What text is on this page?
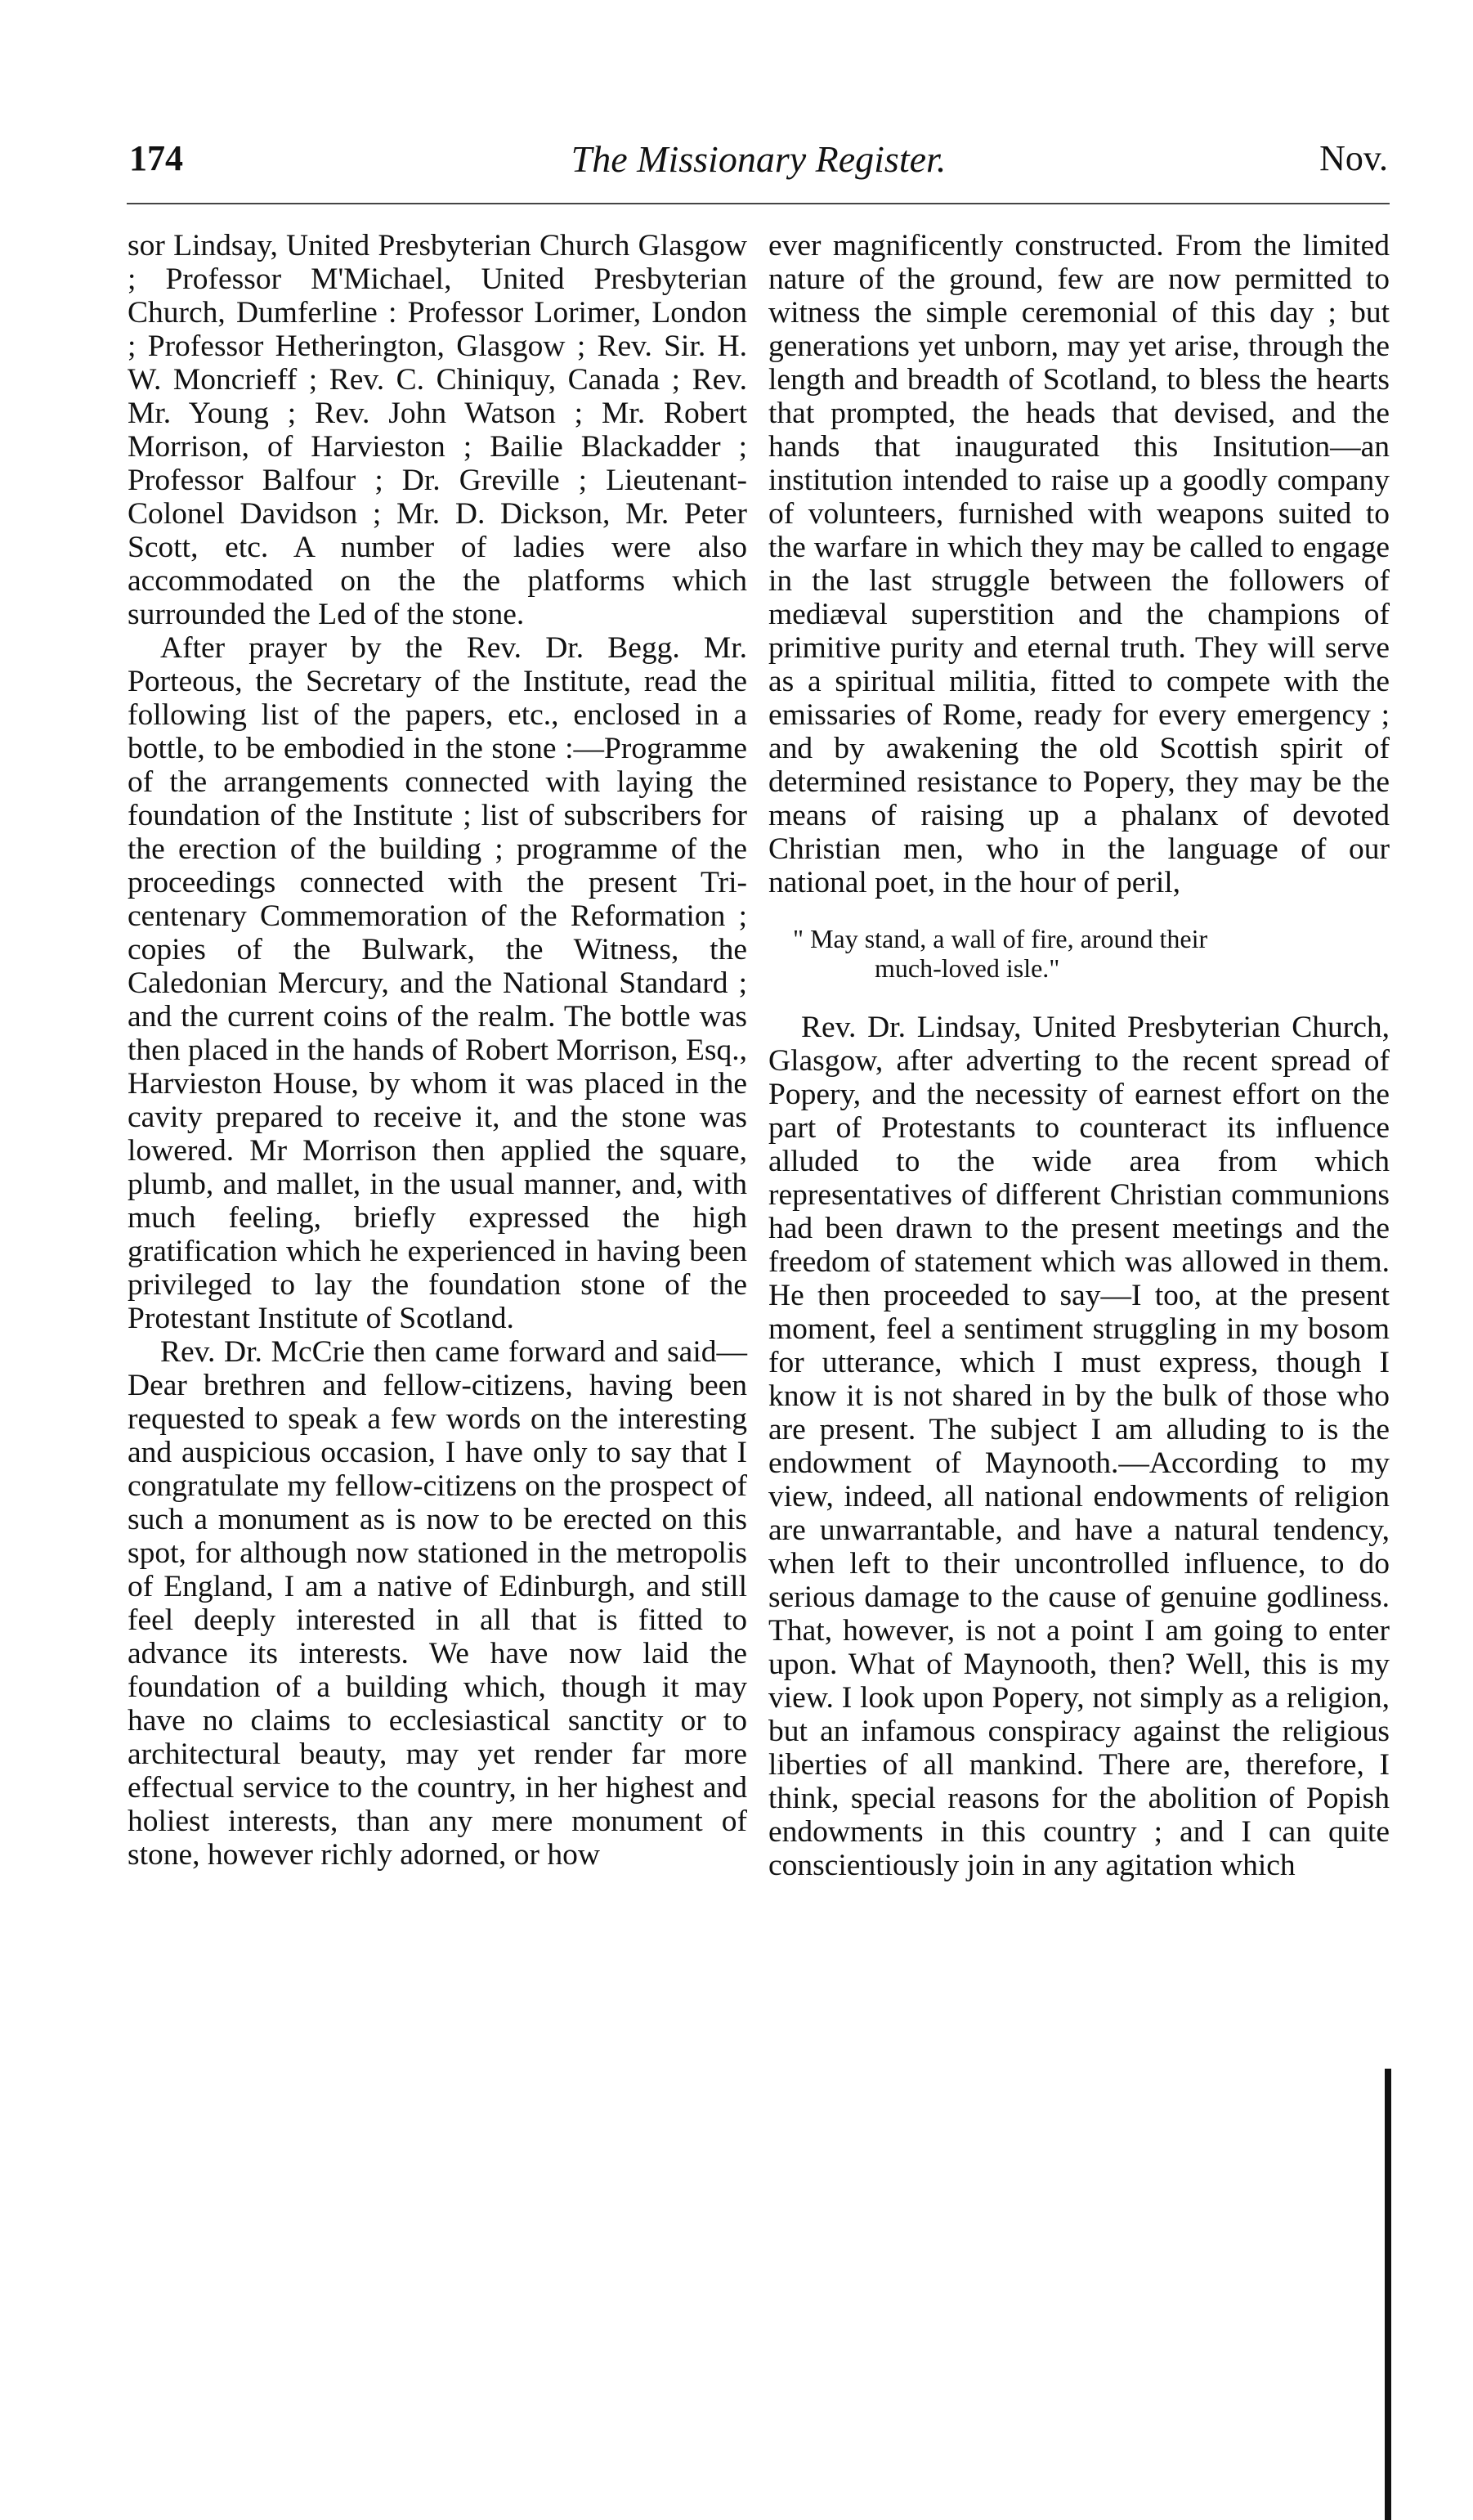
174	The Missionary Register.	Nov.

sor Lindsay, United Presbyterian Church Glasgow ; Professor M'Michael, United Presbyterian Church, Dumferline : Professor Lorimer, London ; Professor Hetherington, Glasgow ; Rev. Sir. H. W. Moncrieff ; Rev. C. Chiniquy, Canada ; Rev. Mr. Young ; Rev. John Watson ; Mr. Robert Morrison, of Harvieston ; Bailie Blackadder ; Professor Balfour ; Dr. Greville ; Lieutenant-Colonel Davidson ; Mr. D. Dickson, Mr. Peter Scott, etc. A number of ladies were also accommodated on the the platforms which surrounded the Led of the stone.

After prayer by the Rev. Dr. Begg. Mr. Porteous, the Secretary of the Institute, read the following list of the papers, etc., enclosed in a bottle, to be embodied in the stone :—Programme of the arrangements connected with laying the foundation of the Institute ; list of subscribers for the erection of the building ; programme of the proceedings connected with the present Tri-centenary Commemoration of the Reformation ; copies of the Bulwark, the Witness, the Caledonian Mercury, and the National Standard ; and the current coins of the realm. The bottle was then placed in the hands of Robert Morrison, Esq., Harvieston House, by whom it was placed in the cavity prepared to receive it, and the stone was lowered. Mr Morrison then applied the square, plumb, and mallet, in the usual manner, and, with much feeling, briefly expressed the high gratification which he experienced in having been privileged to lay the foundation stone of the Protestant Institute of Scotland.

Rev. Dr. McCrie then came forward and said—Dear brethren and fellow-citizens, having been requested to speak a few words on the interesting and auspicious occasion, I have only to say that I congratulate my fellow-citizens on the prospect of such a monument as is now to be erected on this spot, for although now stationed in the metropolis of England, I am a native of Edinburgh, and still feel deeply interested in all that is fitted to advance its interests. We have now laid the foundation of a building which, though it may have no claims to ecclesiastical sanctity or to architectural beauty, may yet render far more effectual service to the country, in her highest and holiest interests, than any mere monument of stone, however richly adorned, or how

ever magnificently constructed. From the limited nature of the ground, few are now permitted to witness the simple ceremonial of this day ; but generations yet unborn, may yet arise, through the length and breadth of Scotland, to bless the hearts that prompted, the heads that devised, and the hands that inaugurated this Insitution—an institution intended to raise up a goodly company of volunteers, furnished with weapons suited to the warfare in which they may be called to engage in the last struggle between the followers of mediæval superstition and the champions of primitive purity and eternal truth. They will serve as a spiritual militia, fitted to compete with the emissaries of Rome, ready for every emergency ; and by awakening the old Scottish spirit of determined resistance to Popery, they may be the means of raising up a phalanx of devoted Christian men, who in the language of our national poet, in the hour of peril,

" May stand, a wall of fire, around their
much-loved isle."

Rev. Dr. Lindsay, United Presbyterian Church, Glasgow, after adverting to the recent spread of Popery, and the necessity of earnest effort on the part of Protestants to counteract its influence alluded to the wide area from which representatives of different Christian communions had been drawn to the present meetings and the freedom of statement which was allowed in them. He then proceeded to say—I too, at the present moment, feel a sentiment struggling in my bosom for utterance, which I must express, though I know it is not shared in by the bulk of those who are present. The subject I am alluding to is the endowment of Maynooth.—According to my view, indeed, all national endowments of religion are unwarrantable, and have a natural tendency, when left to their uncontrolled influence, to do serious damage to the cause of genuine godliness. That, however, is not a point I am going to enter upon. What of Maynooth, then? Well, this is my view. I look upon Popery, not simply as a religion, but an infamous conspiracy against the religious liberties of all mankind. There are, therefore, I think, special reasons for the abolition of Popish endowments in this country ; and I can quite conscientiously join in any agitation which
